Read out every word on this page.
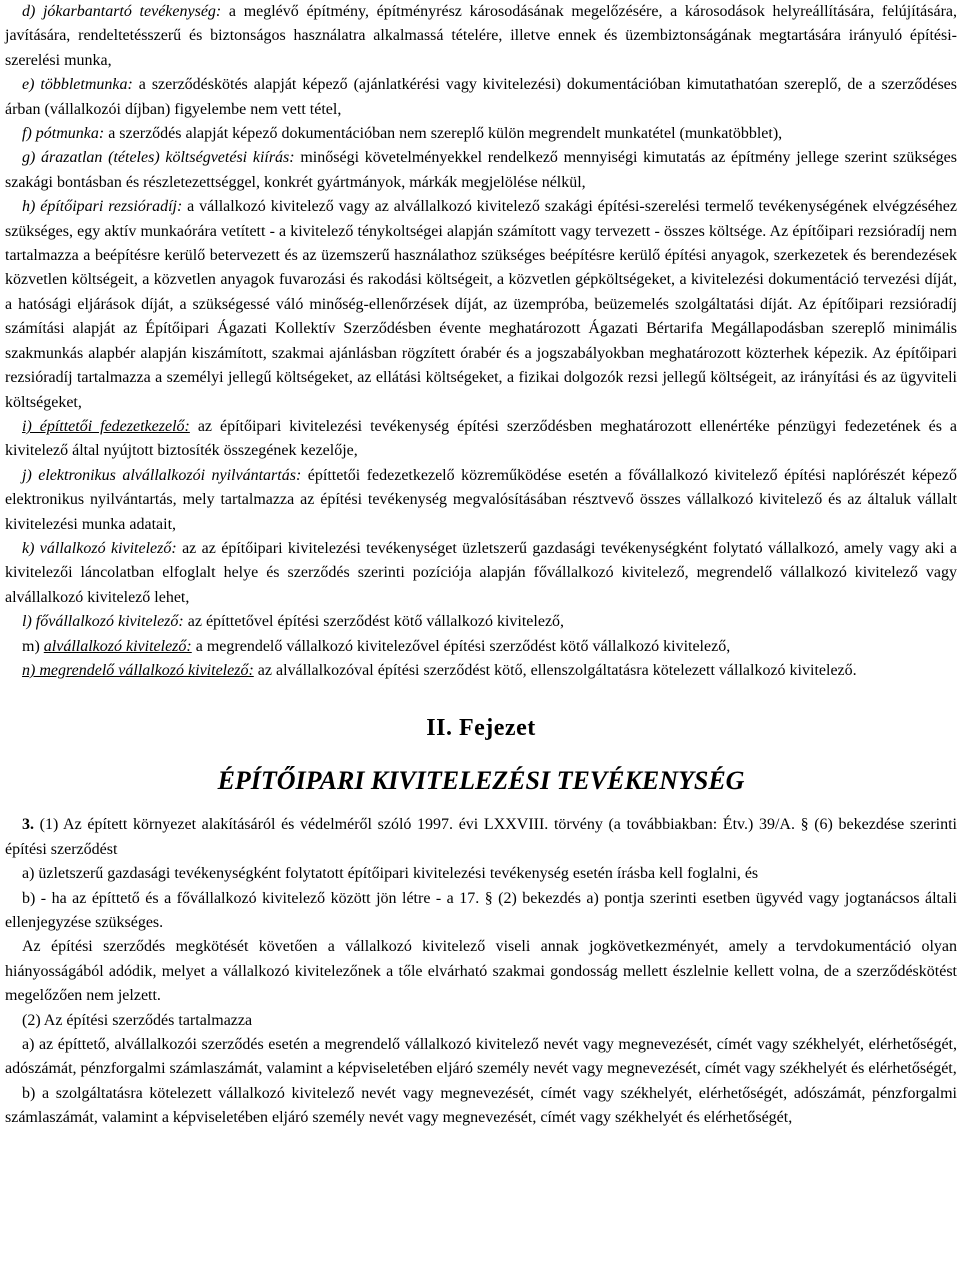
d) jókarbantartó tevékenység: a meglévő építmény, építményrész károsodásának megelőzésére, a károsodások helyreállítására, felújítására, javítására, rendeltetésszerű és biztonságos használatra alkalmassá tételére, illetve ennek és üzembiztonságának megtartására irányuló építési-szerelési munka,

e) többletmunka: a szerződéskötés alapját képező (ajánlatkérési vagy kivitelezési) dokumentációban kimutathatóan szereplő, de a szerződéses árban (vállalkozói díjban) figyelembe nem vett tétel,

f) pótmunka: a szerződés alapját képező dokumentációban nem szereplő külön megrendelt munkatétel (munkatöbblet),

g) árazatlan (tételes) költségvetési kiírás: minőségi követelményekkel rendelkező mennyiségi kimutatás az építmény jellege szerint szükséges szakági bontásban és részletezettséggel, konkrét gyártmányok, márkák megjelölése nélkül,

h) építőipari rezsióradíj: a vállalkozó kivitelező vagy az alvállalkozó kivitelező szakági építési-szerelési termelő tevékenységének elvégzéséhez szükséges, egy aktív munkaórára vetített - a kivitelező ténykoltségei alapján számított vagy tervezett - összes költsége. Az építőipari rezsióradíj nem tartalmazza a beépítésre kerülő betervezett és az üzemszerű használathoz szükséges beépítésre kerülő építési anyagok, szerkezetek és berendezések közvetlen költségeit, a közvetlen anyagok fuvarozási és rakodási költségeit, a közvetlen gépköltségeket, a kivitelezési dokumentáció tervezési díját, a hatósági eljárások díját, a szükségessé váló minőség-ellenőrzések díját, az üzempróba, beüzemelés szolgáltatási díját. Az építőipari rezsióradíj számítási alapját az Építőipari Ágazati Kollektív Szerződésben évente meghatározott Ágazati Bértarifa Megállapodásban szereplő minimális szakmunkás alapbér alapján kiszámított, szakmai ajánlásban rögzített órabér és a jogszabályokban meghatározott közterhek képezik. Az építőipari rezsióradíj tartalmazza a személyi jellegű költségeket, az ellátási költségeket, a fizikai dolgozók rezsi jellegű költségeit, az irányítási és az ügyviteli költségeket,

i) építtetői fedezetkezelő: az építőipari kivitelezési tevékenység építési szerződésben meghatározott ellenértéke pénzügyi fedezetének és a kivitelező által nyújtott biztosíték összegének kezelője,

j) elektronikus alvállalkozói nyilvántartás: építtetői fedezetkezelő közreműködése esetén a fővállalkozó kivitelező építési naplórészét képező elektronikus nyilvántartás, mely tartalmazza az építési tevékenység megvalósításában résztvevő összes vállalkozó kivitelező és az általuk vállalt kivitelezési munka adatait,

k) vállalkozó kivitelező: az az építőipari kivitelezési tevékenységet üzletszerű gazdasági tevékenységként folytató vállalkozó, amely vagy aki a kivitelezői láncolatban elfoglalt helye és szerződés szerinti pozíciója alapján fővállalkozó kivitelező, megrendelő vállalkozó kivitelező vagy alvállalkozó kivitelező lehet,

l) fővállalkozó kivitelező: az építtetővel építési szerződést kötő vállalkozó kivitelező,

m) alvállalkozó kivitelező: a megrendelő vállalkozó kivitelezővel építési szerződést kötő vállalkozó kivitelező,

n) megrendelő vállalkozó kivitelező: az alvállalkozóval építési szerződést kötő, ellenszolgáltatásra kötelezett vállalkozó kivitelező.

II. Fejezet
ÉPÍTŐIPARI KIVITELEZÉSI TEVÉKENYSÉG

3. (1) Az épített környezet alakításáról és védelméről szóló 1997. évi LXXVIII. törvény (a továbbiakban: Étv.) 39/A. § (6) bekezdése szerinti építési szerződést

a) üzletszerű gazdasági tevékenységként folytatott építőipari kivitelezési tevékenység esetén írásba kell foglalni, és

b) - ha az építtető és a fővállalkozó kivitelező között jön létre - a 17. § (2) bekezdés a) pontja szerinti esetben ügyvéd vagy jogtanácsos általi ellenjegyzése szükséges.

Az építési szerződés megkötését követően a vállalkozó kivitelező viseli annak jogkövetkezményét, amely a tervdokumentáció olyan hiányosságából adódik, melyet a vállalkozó kivitelezőnek a tőle elvárható szakmai gondosság mellett észlelnie kellett volna, de a szerződéskötést megelőzően nem jelzett.

(2) Az építési szerződés tartalmazza

a) az építtető, alvállalkozói szerződés esetén a megrendelő vállalkozó kivitelező nevét vagy megnevezését, címét vagy székhelyét, elérhetőségét, adószámát, pénzforgalmi számlaszámát, valamint a képviseletében eljáró személy nevét vagy megnevezését, címét vagy székhelyét és elérhetőségét,

b) a szolgáltatásra kötelezett vállalkozó kivitelező nevét vagy megnevezését, címét vagy székhelyét, elérhetőségét, adószámát, pénzforgalmi számlaszámát, valamint a képviseletében eljáró személy nevét vagy megnevezését, címét vagy székhelyét és elérhetőségét,
